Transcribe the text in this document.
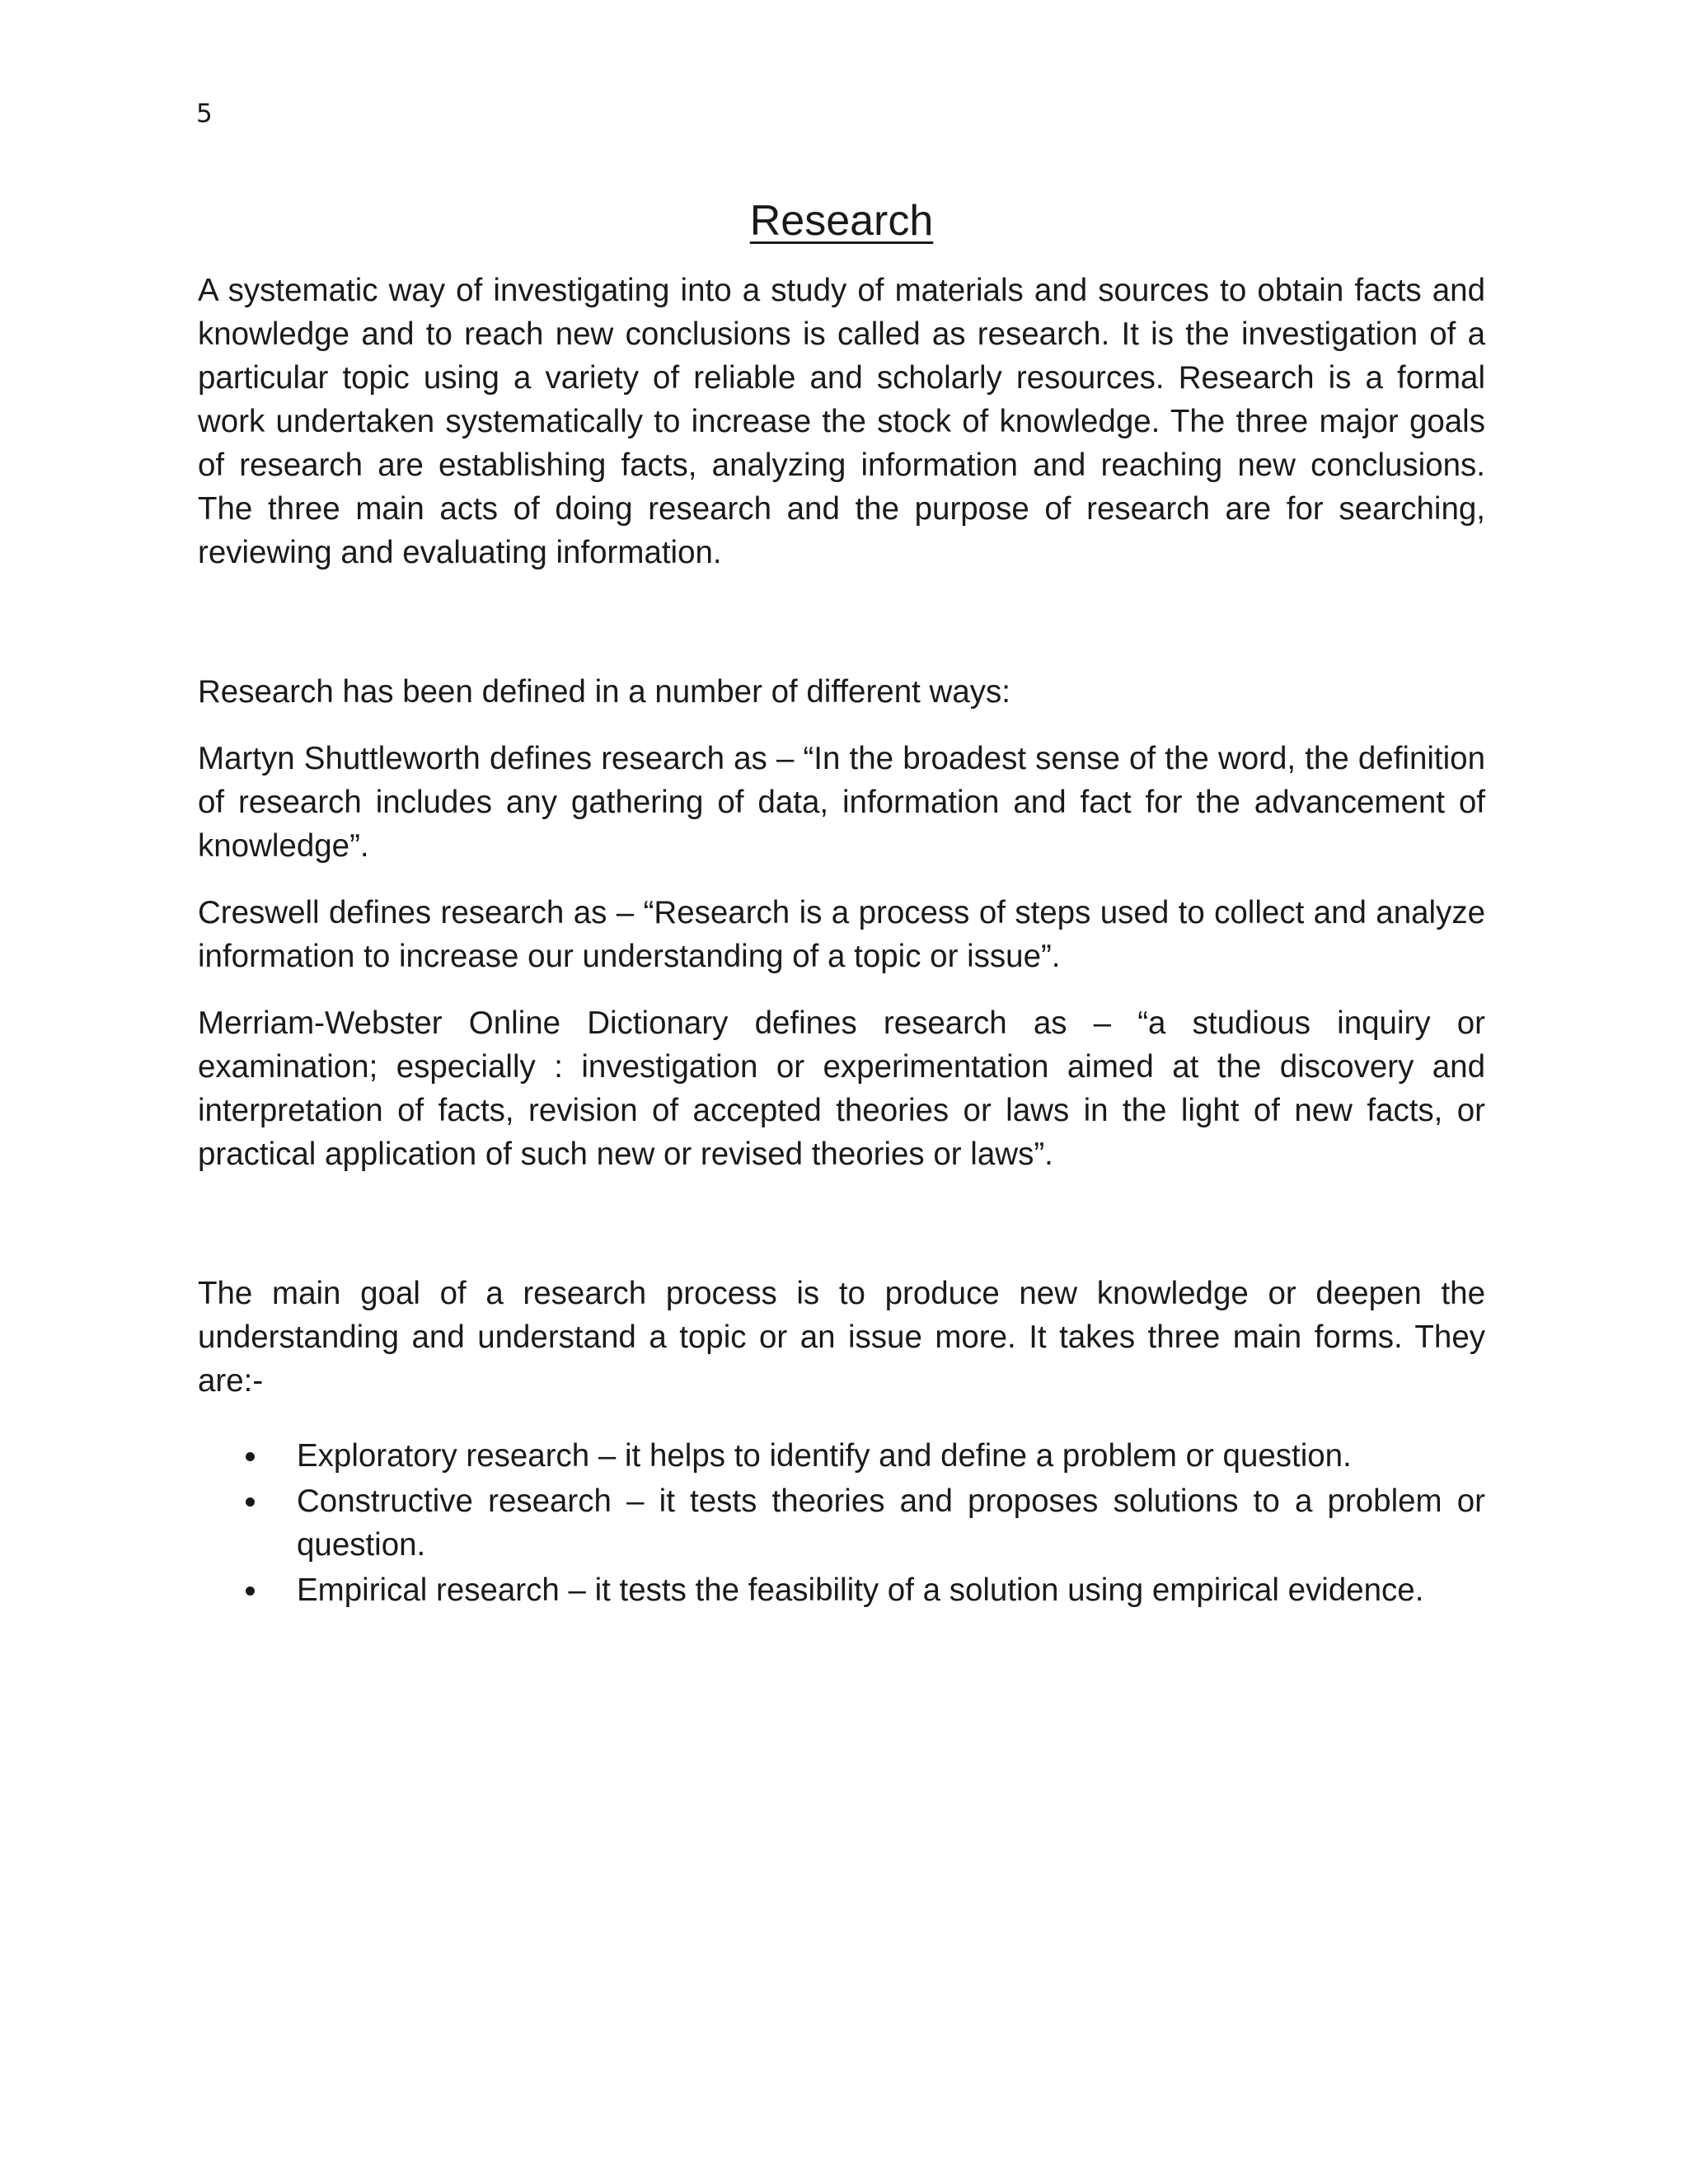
5
Research

A systematic way of investigating into a study of materials and sources to obtain facts and knowledge and to reach new conclusions is called as research. It is the investigation of a particular topic using a variety of reliable and scholarly resources. Research is a formal work undertaken systematically to increase the stock of knowledge. The three major goals of research are establishing facts, analyzing information and reaching new conclusions. The three main acts of doing research and the purpose of research are for searching, reviewing and evaluating information.

Research has been defined in a number of different ways:

Martyn Shuttleworth defines research as – “In the broadest sense of the word, the definition of research includes any gathering of data, information and fact for the advancement of knowledge”.

Creswell defines research as – “Research is a process of steps used to collect and analyze information to increase our understanding of a topic or issue”.

Merriam-Webster Online Dictionary defines research as – “a studious inquiry or examination; especially : investigation or experimentation aimed at the discovery and interpretation of facts, revision of accepted theories or laws in the light of new facts, or practical application of such new or revised theories or laws”.

The main goal of a research process is to produce new knowledge or deepen the understanding and understand a topic or an issue more. It takes three main forms. They are:-

Exploratory research – it helps to identify and define a problem or question.
Constructive research – it tests theories and proposes solutions to a problem or question.
Empirical research – it tests the feasibility of a solution using empirical evidence.
